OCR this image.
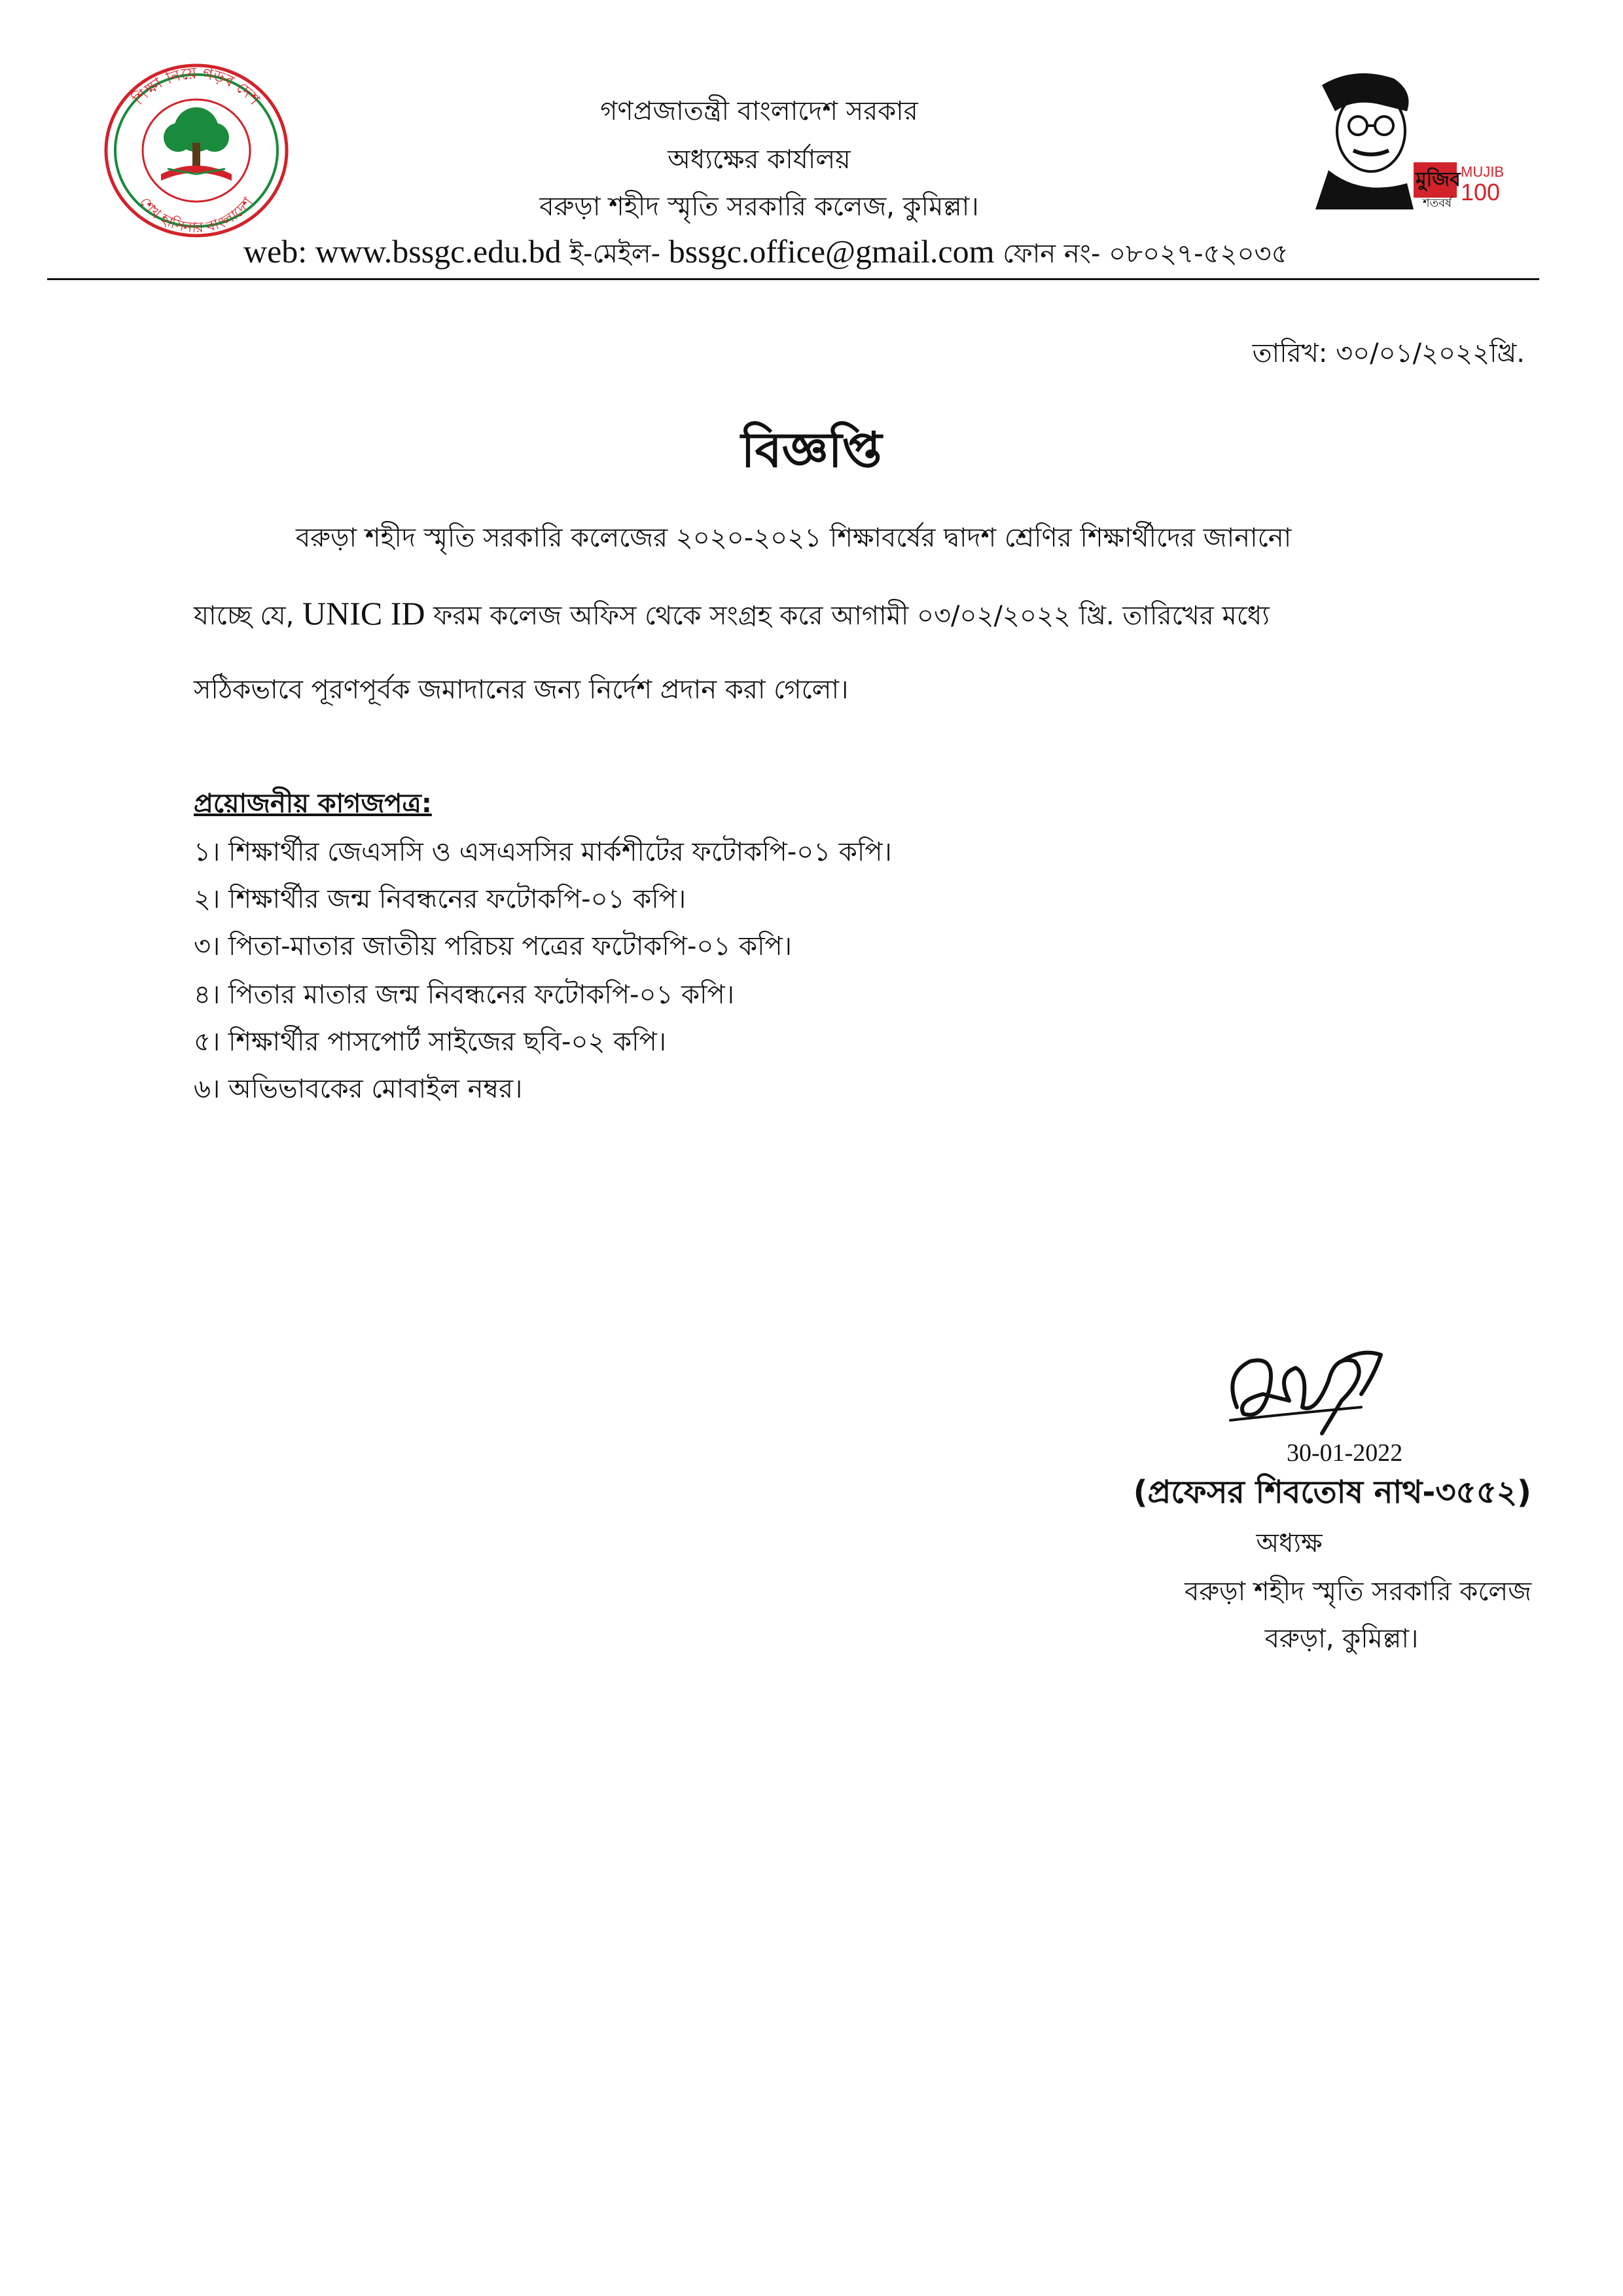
শিক্ষা নিয়ে গড়ব দেশ
শেখ হাসিনার বাংলাদেশ
গণপ্রজাতন্ত্রী বাংলাদেশ সরকার
অধ্যক্ষের কার্যালয়
বরুড়া শহীদ স্মৃতি সরকারি কলেজ, কুমিল্লা।
মুজিব
শতবর্ষ
MUJIB
100
web: www.bssgc.edu.bd ই-মেইল- bssgc.office@gmail.com ফোন নং- ০৮০২৭-৫২০৩৫
তারিখ: ৩০/০১/২০২২খ্রি.
বিজ্ঞপ্তি
বরুড়া শহীদ স্মৃতি সরকারি কলেজের ২০২০-২০২১ শিক্ষাবর্ষের দ্বাদশ শ্রেণির শিক্ষার্থীদের জানানো
যাচ্ছে যে, UNIC ID ফরম কলেজ অফিস থেকে সংগ্রহ করে আগামী ০৩/০২/২০২২ খ্রি. তারিখের মধ্যে
সঠিকভাবে পূরণপূর্বক জমাদানের জন্য নির্দেশ প্রদান করা গেলো।
প্রয়োজনীয় কাগজপত্র:
১। শিক্ষার্থীর জেএসসি ও এসএসসির মার্কশীটের ফটোকপি-০১ কপি।
২। শিক্ষার্থীর জন্ম নিবন্ধনের ফটোকপি-০১ কপি।
৩। পিতা-মাতার জাতীয় পরিচয় পত্রের ফটোকপি-০১ কপি।
৪। পিতার মাতার জন্ম নিবন্ধনের ফটোকপি-০১ কপি।
৫। শিক্ষার্থীর পাসপোর্ট সাইজের ছবি-০২ কপি।
৬। অভিভাবকের মোবাইল নম্বর।
30-01-2022
(প্রফেসর শিবতোষ নাথ-৩৫৫২)
অধ্যক্ষ
বরুড়া শহীদ স্মৃতি সরকারি কলেজ
বরুড়া, কুমিল্লা।
